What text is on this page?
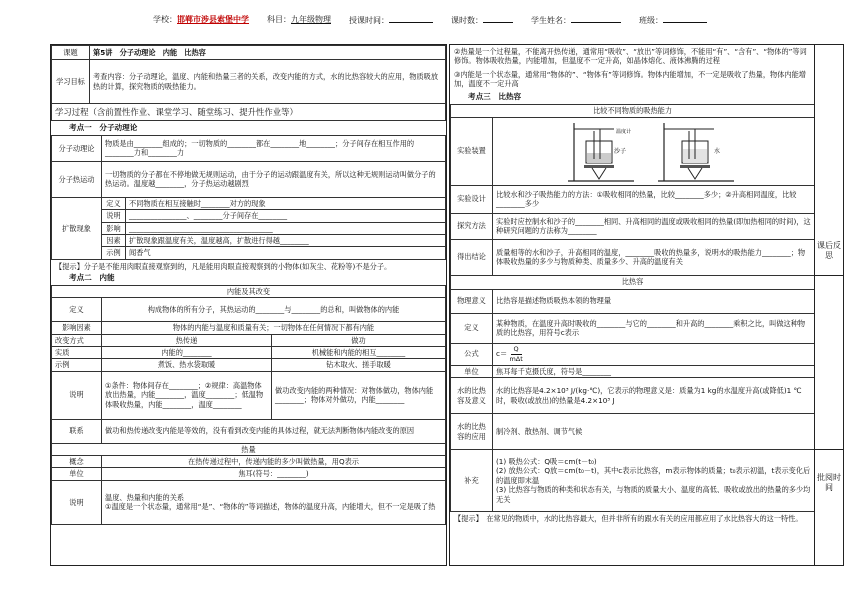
学校：邯郸市涉县索堡中学 科目：九年级物理 授课时间：	课时数：	学生姓名：	班级：
课题	第5讲　分子动理论　内能　比热容
学习目标	考查内容：分子动理论，温度、内能和热量三者的关系，改变内能的方式，水的比热容较大的应用，物质吸放热的计算，探究物质的吸热能力。
学习过程（含前置性作业、课堂学习、随堂练习、提升性作业等）	
考点一　分子动理论
分子动理论	物质是由________组成的；一切物质的________都在________地________；分子间存在相互作用的________力和________力	
分子热运动	一切物质的分子都在不停地做无规则运动，由于分子的运动跟温度有关，所以这种无规则运动叫做分子的热运动。温度越________，分子热运动越剧烈	
扩散现象	定义	不同物质在相互接触时________对方的现象
	说明	________________、________分子间存在________
	影响	________________________________________
	因素	扩散现象跟温度有关，温度越高，扩散进行得越________
	示例	闻香气
【提示】分子是不能用肉眼直接观察到的，凡是能用肉眼直接观察到的小物体(如灰尘、花粉等)不是分子。
考点二　内能
内能及其改变		
定义	构成物体的所有分子，其热运动的________与________的总和，叫做物体的内能	
影响因素	物体的内能与温度和质量有关；一切物体在任何情况下都有内能	
改变方式	热传递	做功
实质	内能的________	机械能和内能的相互________
示例	煮饭、热水袋取暖	钻木取火、搓手取暖
说明	①条件：物体间存在________；②规律：高温物体放出热量，内能________，温度________；低温物体吸收热量，内能________，温度________	做功改变内能的两种情况：对物体做功，物体内能________；物体对外做功，内能________
联系	做功和热传递改变内能是等效的，没有看到改变内能的具体过程，就无法判断物体内能改变的原因	
热量		
概念	在热传递过程中，传递内能的多少叫做热量，用Q表示	
单位	焦耳(符号：________)	
说明	温度、热量和内能的关系
①温度是一个状态量，通常用“是”、“物体的”等词描述，物体的温度升高，内能增大，但不一定是吸了热	
②热量是一个过程量，不能离开热传递，通常用“吸收”、“放出”等词修饰，不能用“有”、“含有”、“物体的”等词修饰。物体吸收热量，内能增加，但温度不一定升高，如晶体熔化、液体沸腾的过程
③内能是一个状态量，通常用“物体的”、“物体有”等词修饰。物体内能增加，不一定是吸收了热量，物体内能增加，温度不一定升高
考点三　比热容
比较不同物质的吸热能力	
实验装置	温度计
沙子 水

实验设计	比较水和沙子吸热能力的方法：①吸收相同的热量，比较________多少；②升高相同温度，比较________多少
探究方法	实验时应控制水和沙子的________相同、升高相同的温度或吸收相同的热量(即加热相同的时间)，这种研究问题的方法称为________
得出结论	质量相等的水和沙子，升高相同的温度，________吸收的热量多，说明水的吸热能力________；物体吸收热量的多少与物质种类、质量多少、升高的温度有关
比热容	
物理意义	比热容是描述物质吸热本领的物理量
定义	某种物质，在温度升高时吸收的________与它的________和升高的________乘积之比，叫做这种物质的比热容，用符号c表示
公式	c＝ Q
mΔt

单位	焦耳每千克摄氏度，符号是________
水的比热容及意义	水的比热容是4.2×10³ J/(kg·℃)，它表示的物理意义是：质量为1 kg的水温度升高(或降低)1 ℃时，吸收(或放出)的热量是4.2×10³ J
水的比热容的应用	制冷剂、散热剂、调节气候
补充	(1) 吸热公式：Q吸＝cm(t－t₀)
(2) 放热公式：Q放＝cm(t₀－t)，其中c表示比热容，m表示物体的质量；t₀表示初温，t表示变化后的温度即末温
(3) 比热容与物质的种类和状态有关，与物质的质量大小、温度的高低、吸收或放出的热量的多少均无关
【提示】　在常见的物质中，水的比热容最大，但并非所有的跟水有关的应用都应用了水比热容大的这一特性。
课后反思
批阅时间
